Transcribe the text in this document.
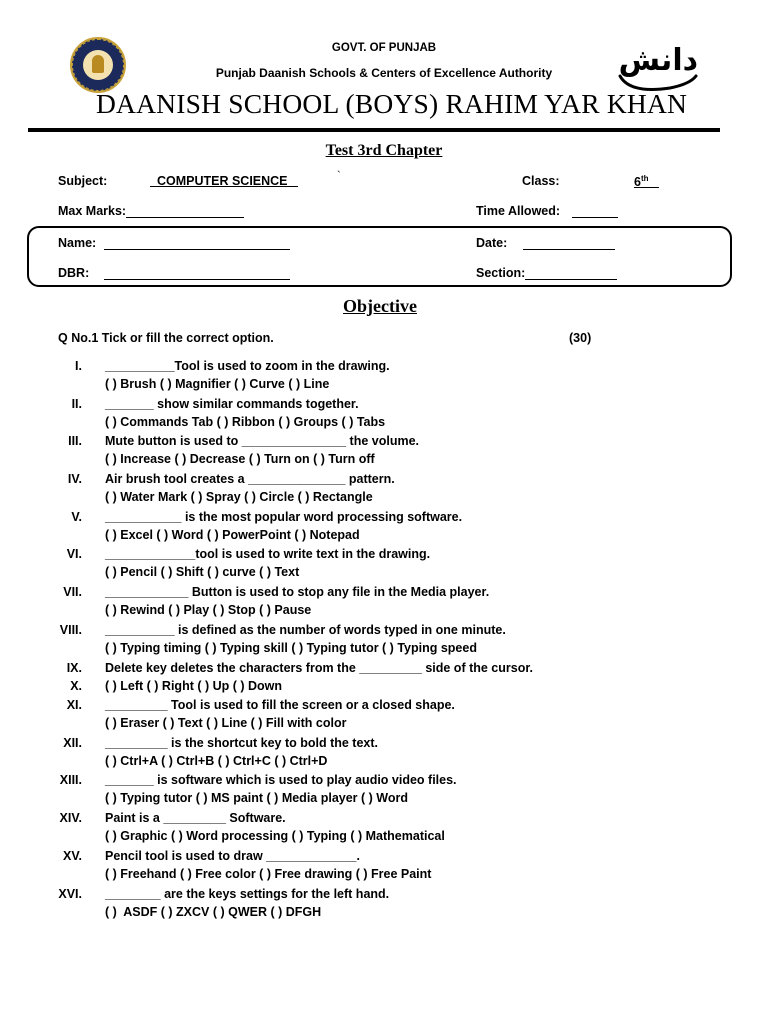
GOVT. OF PUNJAB
Punjab Daanish Schools & Centers of Excellence Authority	دانش
DAANISH SCHOOL (BOYS) RAHIM YAR KHAN
Test 3rd Chapter
Subject:	COMPUTER SCIENCE	`	Class:	6th
Max Marks:	Time Allowed:
Name:	Date:
DBR:	Section:
Objective
Q No.1 Tick or fill the correct option.	(30)
I. __________Tool is used to zoom in the drawing.
( ) Brush ( ) Magnifier ( ) Curve ( ) Line
II. _______ show similar commands together.
( ) Commands Tab ( ) Ribbon ( ) Groups ( ) Tabs
III. Mute button is used to _______________ the volume.
( ) Increase ( ) Decrease ( ) Turn on ( ) Turn off
IV. Air brush tool creates a ______________ pattern.
( ) Water Mark ( ) Spray ( ) Circle ( ) Rectangle
V. ___________ is the most popular word processing software.
( ) Excel ( ) Word ( ) PowerPoint ( ) Notepad
VI. _____________tool is used to write text in the drawing.
( ) Pencil ( ) Shift ( ) curve ( ) Text
VII. ____________ Button is used to stop any file in the Media player.
( ) Rewind ( ) Play ( ) Stop ( ) Pause
VIII. __________ is defined as the number of words typed in one minute.
( ) Typing timing ( ) Typing skill ( ) Typing tutor ( ) Typing speed
IX. Delete key deletes the characters from the _________ side of the cursor.
X. ( ) Left ( ) Right ( ) Up ( ) Down
XI. _________ Tool is used to fill the screen or a closed shape.
( ) Eraser ( ) Text ( ) Line ( ) Fill with color
XII. _________ is the shortcut key to bold the text.
( ) Ctrl+A ( ) Ctrl+B ( ) Ctrl+C ( ) Ctrl+D
XIII. _______ is software which is used to play audio video files.
( ) Typing tutor ( ) MS paint ( ) Media player ( ) Word
XIV. Paint is a _________ Software.
( ) Graphic ( ) Word processing ( ) Typing ( ) Mathematical
XV. Pencil tool is used to draw _____________.
( ) Freehand ( ) Free color ( ) Free drawing ( ) Free Paint
XVI. ________ are the keys settings for the left hand.
( )  ASDF ( ) ZXCV ( ) QWER ( ) DFGH
